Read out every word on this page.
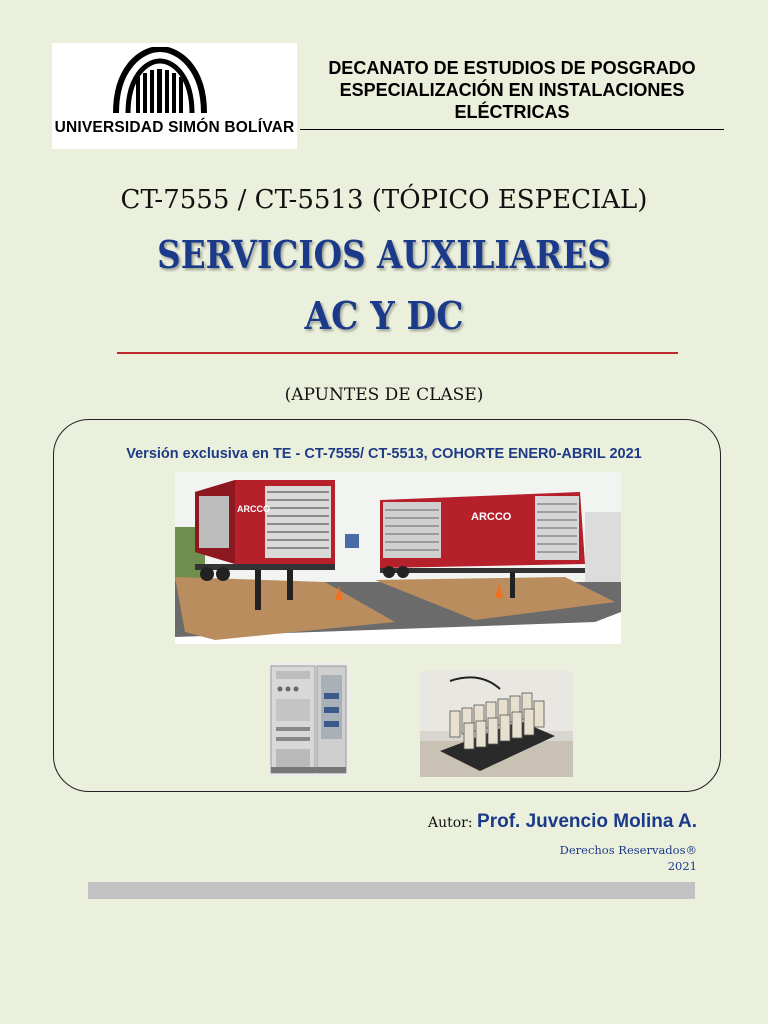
UNIVERSIDAD SIMÓN BOLÍVAR
DECANATO DE ESTUDIOS DE POSGRADO
ESPECIALIZACIÓN EN INSTALACIONES
ELÉCTRICAS
CT-7555 / CT-5513 (TÓPICO ESPECIAL)
SERVICIOS AUXILIARES
AC Y DC
(APUNTES DE CLASE)
Versión exclusiva en TE - CT-7555/ CT-5513, COHORTE ENER0-ABRIL 2021
ARCCO
ARCCO
Autor: Prof. Juvencio Molina A.
Derechos Reservados®
2021
